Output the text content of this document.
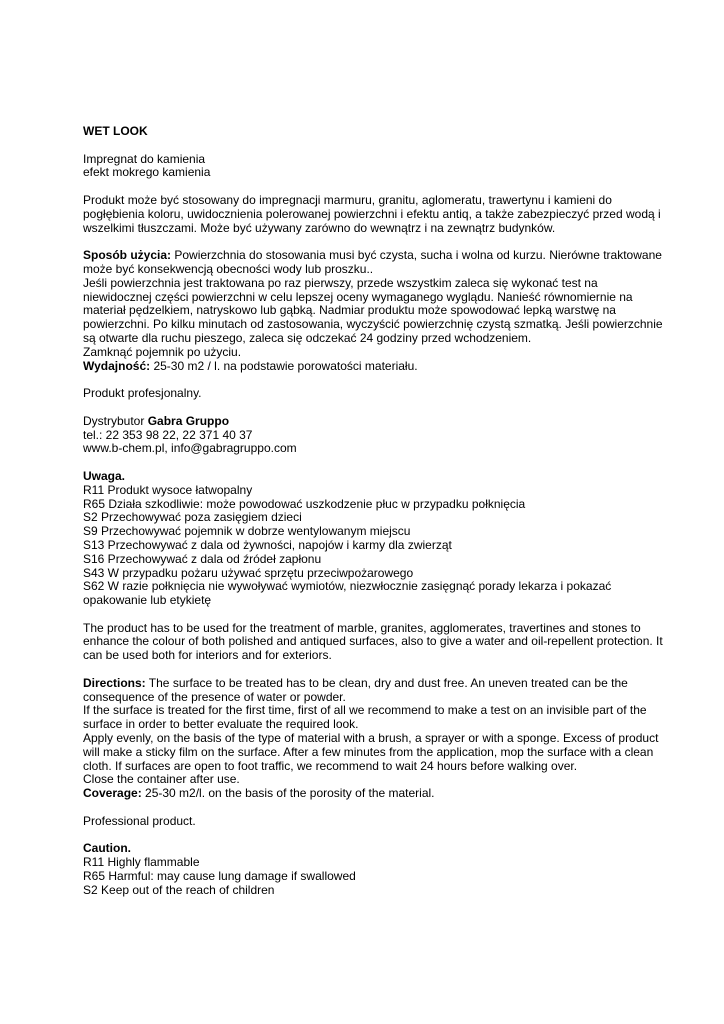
WET LOOK

Impregnat do kamienia

efekt mokrego kamienia

Produkt może być stosowany do impregnacji marmuru, granitu, aglomeratu, trawertynu i kamieni do pogłębienia koloru, uwidocznienia polerowanej powierzchni i efektu antiq, a także zabezpieczyć przed wodą i wszelkimi tłuszczami. Może być używany zarówno do wewnątrz i na zewnątrz budynków.

Sposób użycia: Powierzchnia do stosowania musi być czysta, sucha i wolna od kurzu. Nierówne traktowane może być konsekwencją obecności wody lub proszku..

Jeśli powierzchnia jest traktowana po raz pierwszy, przede wszystkim zaleca się wykonać test na niewidocznej części powierzchni w celu lepszej oceny wymaganego wyglądu. Nanieść równomiernie na materiał pędzelkiem, natryskowo lub gąbką. Nadmiar produktu może spowodować lepką warstwę na powierzchni. Po kilku minutach od zastosowania, wyczyścić powierzchnię czystą szmatką. Jeśli powierzchnie są otwarte dla ruchu pieszego, zaleca się odczekać 24 godziny przed wchodzeniem.

Zamknąć pojemnik po użyciu.

Wydajność: 25-30 m2 / l. na podstawie porowatości materiału.

Produkt profesjonalny.

Dystrybutor Gabra Gruppo

tel.: 22 353 98 22, 22 371 40 37

www.b-chem.pl, info@gabragruppo.com

Uwaga.

R11 Produkt wysoce łatwopalny

R65 Działa szkodliwie: może powodować uszkodzenie płuc w przypadku połknięcia

S2 Przechowywać poza zasięgiem dzieci

S9 Przechowywać pojemnik w dobrze wentylowanym miejscu

S13 Przechowywać z dala od żywności, napojów i karmy dla zwierząt

S16 Przechowywać z dala od źródeł zapłonu

S43 W przypadku pożaru używać sprzętu przeciwpożarowego

S62 W razie połknięcia nie wywoływać wymiotów, niezwłocznie zasięgnąć porady lekarza i pokazać opakowanie lub etykietę

The product has to be used for the treatment of marble, granites, agglomerates, travertines and stones to enhance the colour of both polished and antiqued surfaces, also to give a water and oil-repellent protection. It can be used both for interiors and for exteriors.

Directions: The surface to be treated has to be clean, dry and dust free. An uneven treated can be the consequence of the presence of water or powder.

If the surface is treated for the first time, first of all we recommend to make a test on an invisible part of the surface in order to better evaluate the required look.

Apply evenly, on the basis of the type of material with a brush, a sprayer or with a sponge. Excess of product will make a sticky film on the surface. After a few minutes from the application, mop the surface with a clean cloth. If surfaces are open to foot traffic, we recommend to wait 24 hours before walking over.

Close the container after use.

Coverage: 25-30 m2/l. on the basis of the porosity of the material.

Professional product.

Caution.

R11 Highly flammable

R65 Harmful: may cause lung damage if swallowed

S2 Keep out of the reach of children
